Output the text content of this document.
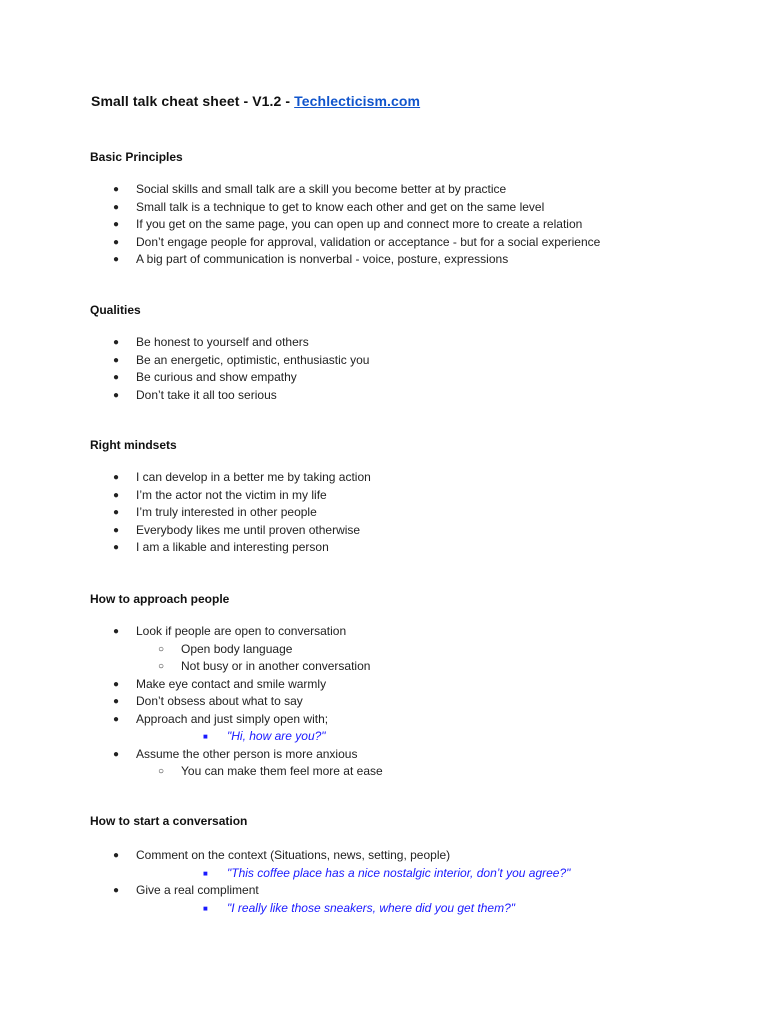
Small talk cheat sheet - V1.2 - Techlecticism.com
Basic Principles
● Social skills and small talk are a skill you become better at by practice
● Small talk is a technique to get to know each other and get on the same level
● If you get on the same page, you can open up and connect more to create a relation
● Don’t engage people for approval, validation or acceptance - but for a social experience
● A big part of communication is nonverbal - voice, posture, expressions
Qualities
● Be honest to yourself and others
● Be an energetic, optimistic, enthusiastic you
● Be curious and show empathy
● Don’t take it all too serious
Right mindsets
● I can develop in a better me by taking action
● I’m the actor not the victim in my life
● I’m truly interested in other people
● Everybody likes me until proven otherwise
● I am a likable and interesting person
How to approach people
● Look if people are open to conversation
○ Open body language
○ Not busy or in another conversation
● Make eye contact and smile warmly
● Don’t obsess about what to say
● Approach and just simply open with;
■ "Hi, how are you?"
● Assume the other person is more anxious
○ You can make them feel more at ease
How to start a conversation
● Comment on the context (Situations, news, setting, people)
■ "This coffee place has a nice nostalgic interior, don’t you agree?"
● Give a real compliment
■ "I really like those sneakers, where did you get them?"
